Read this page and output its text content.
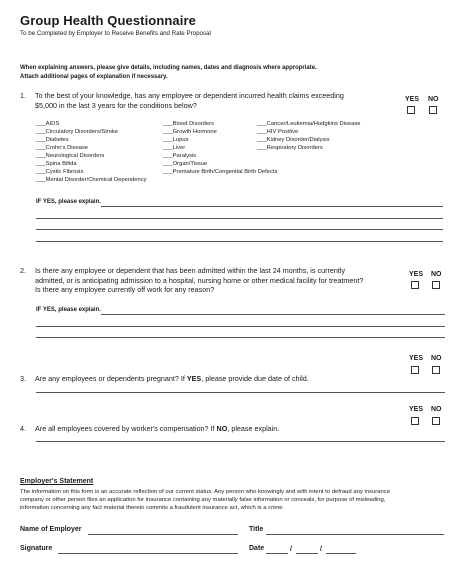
Group Health Questionnaire
To be Completed by Employer to Receive Benefits and Rate Proposal
When explaining answers, please give details, including names, dates and diagnosis where appropriate.
Attach additional pages of explanation if necessary.
1. To the best of your knowledge, has any employee or dependent incurred health claims exceeding $5,000 in the last 3 years for the conditions below?
YES NO
___AIDS
___Circulatory Disorders/Stroke
___Diabetes
___Crohn's Disease
___Neurological Disorders
___Spina Bifida
___Cystic Fibrosis
___Mental Disorder/Chemical Dependency
___Blood Disorders
___Growth Hormone
___Lupus
___Liver
___Paralysis
___Organ/Tissue
___Premature Birth/Congenital Birth Defects
___Cancer/Leukemia/Hodgkins Disease
___HIV Positive
___Kidney Disorder/Dialysis
___Respiratory Disorders
IF YES, please explain.
2. Is there any employee or dependent that has been admitted within the last 24 months, is currently admitted, or is anticipating admission to a hospital, nursing home or other medical facility for treatment? Is there any employee currently off work for any reason?
YES NO
IF YES, please explain.
YES NO
3. Are any employees or dependents pregnant? If YES, please provide due date of child.
YES NO
4. Are all employees covered by worker's compensation? If NO, please explain.
Employer's Statement
The information on this form is an accurate reflection of our current status. Any person who knowingly and with intent to defraud any insurance
company or other person files an application for insurance containing any materially false information or conceals, for purpose of misleading,
information concerning any fact material thereto commits a fraudulent insurance act, which is a crime.
Name of Employer	Title
Signature	Date	/	/
